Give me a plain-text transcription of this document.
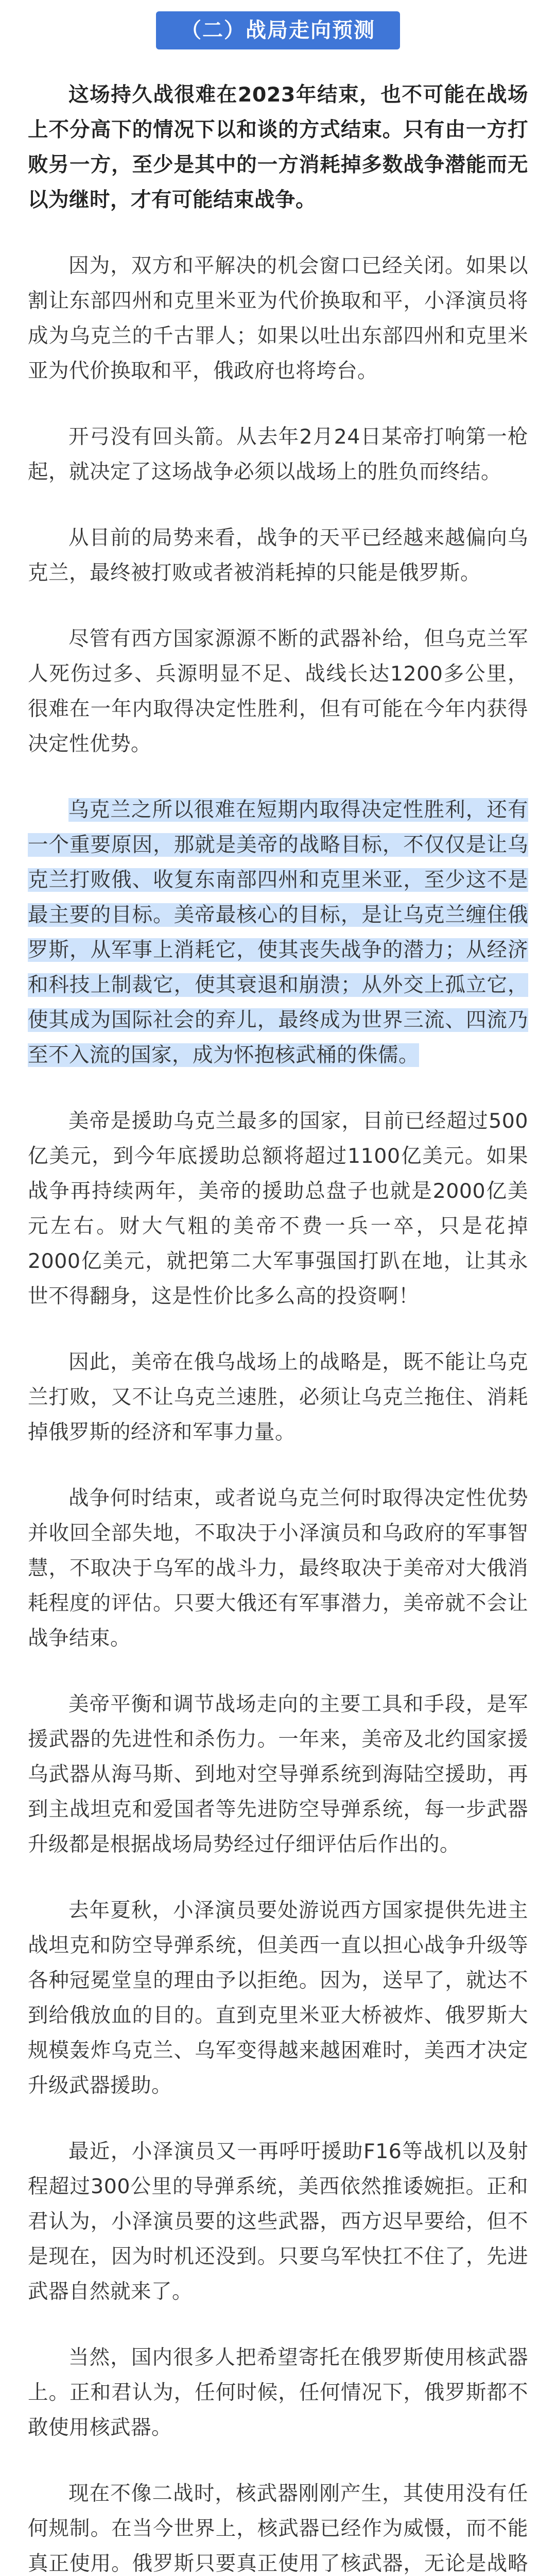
（二）战局走向预测

这场持久战很难在2023年结束，也不可能在战场上不分高下的情况下以和谈的方式结束。只有由一方打败另一方，至少是其中的一方消耗掉多数战争潜能而无以为继时，才有可能结束战争。

因为，双方和平解决的机会窗口已经关闭。如果以割让东部四州和克里米亚为代价换取和平，小泽演员将成为乌克兰的千古罪人；如果以吐出东部四州和克里米亚为代价换取和平，俄政府也将垮台。

开弓没有回头箭。从去年2月24日某帝打响第一枪起，就决定了这场战争必须以战场上的胜负而终结。

从目前的局势来看，战争的天平已经越来越偏向乌克兰，最终被打败或者被消耗掉的只能是俄罗斯。

尽管有西方国家源源不断的武器补给，但乌克兰军人死伤过多、兵源明显不足、战线长达1200多公里，很难在一年内取得决定性胜利，但有可能在今年内获得决定性优势。

乌克兰之所以很难在短期内取得决定性胜利，还有一个重要原因，那就是美帝的战略目标，不仅仅是让乌克兰打败俄、收复东南部四州和克里米亚，至少这不是最主要的目标。美帝最核心的目标，是让乌克兰缠住俄罗斯，从军事上消耗它，使其丧失战争的潜力；从经济和科技上制裁它，使其衰退和崩溃；从外交上孤立它，使其成为国际社会的弃儿，最终成为世界三流、四流乃至不入流的国家，成为怀抱核武桶的侏儒。

美帝是援助乌克兰最多的国家，目前已经超过500亿美元，到今年底援助总额将超过1100亿美元。如果战争再持续两年，美帝的援助总盘子也就是2000亿美元左右。财大气粗的美帝不费一兵一卒，只是花掉2000亿美元，就把第二大军事强国打趴在地，让其永世不得翻身，这是性价比多么高的投资啊！

因此，美帝在俄乌战场上的战略是，既不能让乌克兰打败，又不让乌克兰速胜，必须让乌克兰拖住、消耗掉俄罗斯的经济和军事力量。

战争何时结束，或者说乌克兰何时取得决定性优势并收回全部失地，不取决于小泽演员和乌政府的军事智慧，不取决于乌军的战斗力，最终取决于美帝对大俄消耗程度的评估。只要大俄还有军事潜力，美帝就不会让战争结束。

美帝平衡和调节战场走向的主要工具和手段，是军援武器的先进性和杀伤力。一年来，美帝及北约国家援乌武器从海马斯、到地对空导弹系统到海陆空援助，再到主战坦克和爱国者等先进防空导弹系统，每一步武器升级都是根据战场局势经过仔细评估后作出的。

去年夏秋，小泽演员要处游说西方国家提供先进主战坦克和防空导弹系统，但美西一直以担心战争升级等各种冠冕堂皇的理由予以拒绝。因为，送早了，就达不到给俄放血的目的。直到克里米亚大桥被炸、俄罗斯大规模轰炸乌克兰、乌军变得越来越困难时，美西才决定升级武器援助。

最近，小泽演员又一再呼吁援助F16等战机以及射程超过300公里的导弹系统，美西依然推诿婉拒。正和君认为，小泽演员要的这些武器，西方迟早要给，但不是现在，因为时机还没到。只要乌军快扛不住了，先进武器自然就来了。

当然，国内很多人把希望寄托在俄罗斯使用核武器上。正和君认为，任何时候，任何情况下，俄罗斯都不敢使用核武器。

现在不像二战时，核武器刚刚产生，其使用没有任何规制。在当今世界上，核武器已经作为威慑，而不能真正使用。俄罗斯只要真正使用了核武器，无论是战略
